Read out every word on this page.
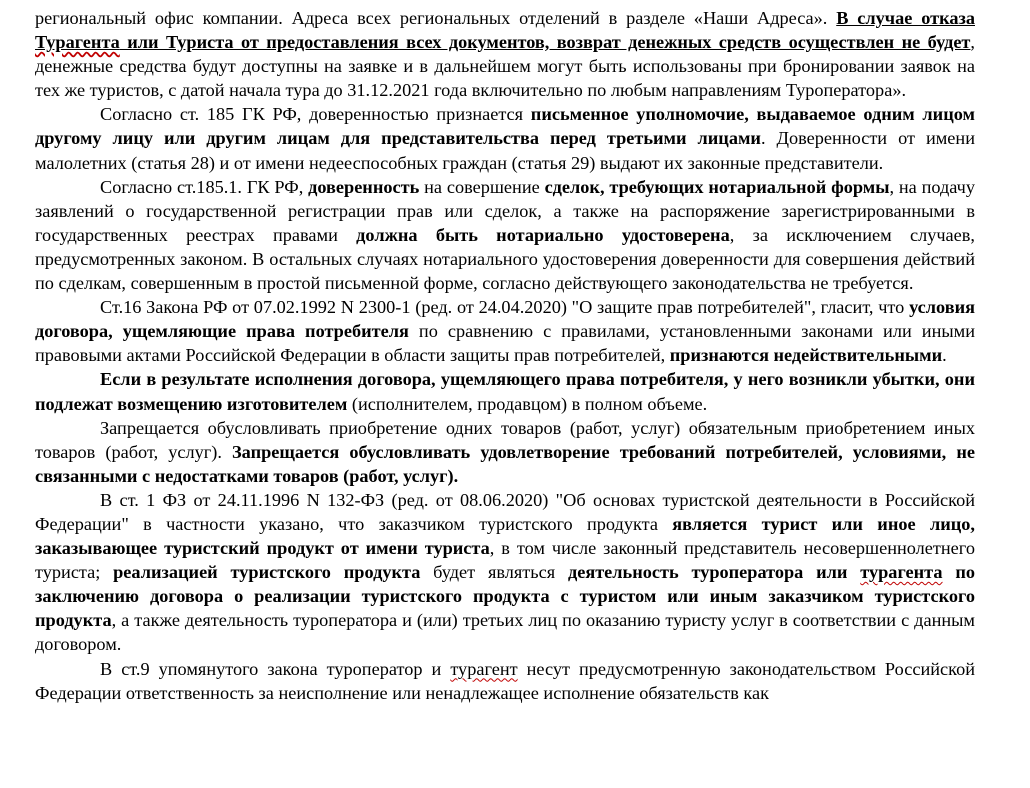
региональный офис компании. Адреса всех региональных отделений в разделе «Наши Адреса». В случае отказа Турагента или Туриста от предоставления всех документов, возврат денежных средств осуществлен не будет, денежные средства будут доступны на заявке и в дальнейшем могут быть использованы при бронировании заявок на тех же туристов, с датой начала тура до 31.12.2021 года включительно по любым направлениям Туроператора».

Согласно ст. 185 ГК РФ, доверенностью признается письменное уполномочие, выдаваемое одним лицом другому лицу или другим лицам для представительства перед третьими лицами. Доверенности от имени малолетних (статья 28) и от имени недееспособных граждан (статья 29) выдают их законные представители.

Согласно ст.185.1. ГК РФ, доверенность на совершение сделок, требующих нотариальной формы, на подачу заявлений о государственной регистрации прав или сделок, а также на распоряжение зарегистрированными в государственных реестрах правами должна быть нотариально удостоверена, за исключением случаев, предусмотренных законом. В остальных случаях нотариального удостоверения доверенности для совершения действий по сделкам, совершенным в простой письменной форме, согласно действующего законодательства не требуется.

Ст.16 Закона РФ от 07.02.1992 N 2300-1 (ред. от 24.04.2020) "О защите прав потребителей", гласит, что условия договора, ущемляющие права потребителя по сравнению с правилами, установленными законами или иными правовыми актами Российской Федерации в области защиты прав потребителей, признаются недействительными.

Если в результате исполнения договора, ущемляющего права потребителя, у него возникли убытки, они подлежат возмещению изготовителем (исполнителем, продавцом) в полном объеме.

Запрещается обусловливать приобретение одних товаров (работ, услуг) обязательным приобретением иных товаров (работ, услуг). Запрещается обусловливать удовлетворение требований потребителей, условиями, не связанными с недостатками товаров (работ, услуг).

В ст. 1 ФЗ от 24.11.1996 N 132-ФЗ (ред. от 08.06.2020) "Об основах туристской деятельности в Российской Федерации" в частности указано, что заказчиком туристского продукта является турист или иное лицо, заказывающее туристский продукт от имени туриста, в том числе законный представитель несовершеннолетнего туриста; реализацией туристского продукта будет являться деятельность туроператора или турагента по заключению договора о реализации туристского продукта с туристом или иным заказчиком туристского продукта, а также деятельность туроператора и (или) третьих лиц по оказанию туристу услуг в соответствии с данным договором.

В ст.9 упомянутого закона туроператор и турагент несут предусмотренную законодательством Российской Федерации ответственность за неисполнение или ненадлежащее исполнение обязательств как
